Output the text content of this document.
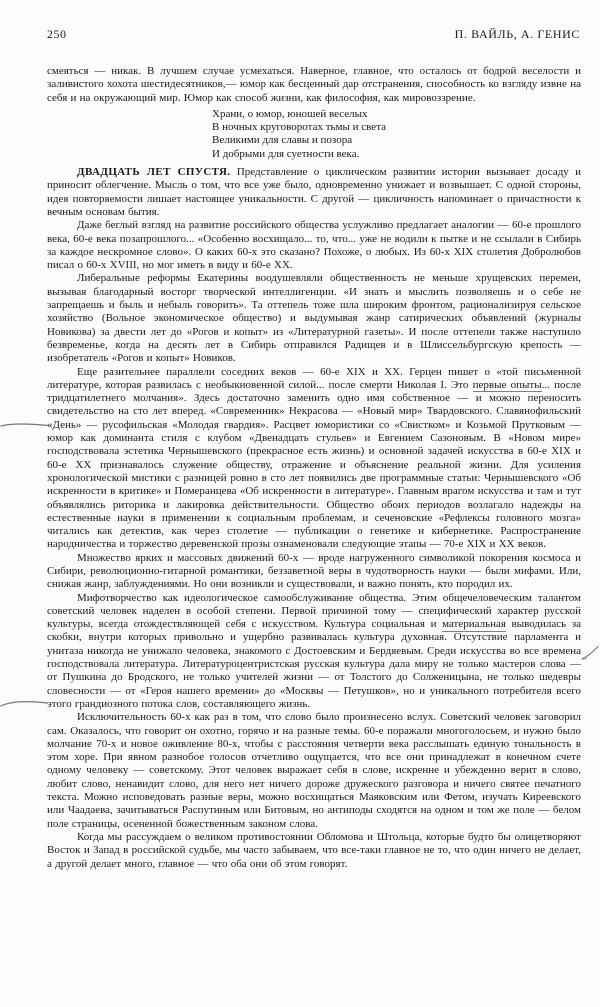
250	П. ВАЙЛЬ, А. ГЕНИС

смеяться — никак. В лучшем случае усмехаться. Наверное, главное, что осталось от бодрой веселости и заливистого хохота шестидесятников,— юмор как бесценный дар отстранения, способность ко взгляду извне на себя и на окружающий мир. Юмор как способ жизни, как философия, как мировоззрение.

Храни, о юмор, юношей веселых
В ночных круговоротах тьмы и света
Великими для славы и позора
И добрыми для суетности века.

ДВАДЦАТЬ ЛЕТ СПУСТЯ. Представление о циклическом развитии истории вызывает досаду и приносит облегчение. Мысль о том, что все уже было, одновременно унижает и возвышает. С одной стороны, идея повторяемости лишает настоящее уникальности. С другой — цикличность напоминает о причастности к вечным основам бытия.

Даже беглый взгляд на развитие российского общества услужливо предлагает аналогии — 60-е прошлого века, 60-е века позапрошлого... «Особенно восхищало... то, что... уже не водили к пытке и не ссылали в Сибирь за каждое нескромное слово». О каких 60-х это сказано? Похоже, о любых. Из 60-х XIX столетия Добролюбов писал о 60-х XVIII, но мог иметь в виду и 60-е XX.

Либеральные реформы Екатерины воодушевляли общественность не меньше хрущевских перемен, вызывая благодарный восторг творческой интеллигенции. «И знать и мыслить позволяешь и о себе не запрещаешь и быль и небыль говорить». Та оттепель тоже шла широким фронтом, рационализируя сельское хозяйство (Вольное экономическое общество) и выдумывая жанр сатирических объявлений (журналы Новикова) за двести лет до «Рогов и копыт» из «Литературной газеты». И после оттепели также наступило безвременье, когда на десять лет в Сибирь отправился Радищев и в Шлиссельбургскую крепость — изобретатель «Рогов и копыт» Новиков.

Еще разительнее параллели соседних веков — 60-е XIX и XX. Герцен пишет о «той письменной литературе, которая развилась с необыкновенной силой... после смерти Николая I. Это первые опыты... после тридцатилетнего молчания». Здесь достаточно заменить одно имя собственное — и можно переносить свидетельство на сто лет вперед. «Современник» Некрасова — «Новый мир» Твардовского. Славянофильский «День» — русофильская «Молодая гвардия». Расцвет юмористики со «Свистком» и Козьмой Прутковым — юмор как доминанта стиля с клубом «Двенадцать стульев» и Евгением Сазоновым. В «Новом мире» господствовала эстетика Чернышевского (прекрасное есть жизнь) и основной задачей искусства в 60-е XIX и 60-е XX признавалось служение обществу, отражение и объяснение реальной жизни. Для усиления хронологической мистики с разницей ровно в сто лет появились две программные статьи: Чернышевского «Об искренности в критике» и Померанцева «Об искренности в литературе». Главным врагом искусства и там и тут объявлялись риторика и лакировка действительности. Общество обоих периодов возлагало надежды на естественные науки в применении к социальным проблемам, и сеченовские «Рефлексы головного мозга» читались как детектив, как через столетие — публикации о генетике и кибернетике. Распространение народничества и торжество деревенской прозы ознаменовали следующие этапы — 70-е XIX и XX веков.

Множество ярких и массовых движений 60-х — вроде нагруженного символикой покорения космоса и Сибири, революционно-гитарной романтики, беззаветной веры в чудотворность науки — были мифами. Или, снижая жанр, заблуждениями. Но они возникли и существовали, и важно понять, кто породил их.

Мифотворчество как идеологическое самообслуживание общества. Этим общечеловеческим талантом советский человек наделен в особой степени. Первой причиной тому — специфический характер русской культуры, всегда отождествляющей себя с искусством. Культура социальная и материальная выводилась за скобки, внутри которых привольно и ущербно развивалась культура духовная. Отсутствие парламента и унитаза никогда не унижало человека, знакомого с Достоевским и Бердяевым. Среди искусства во все времена господствовала литература. Литературоцентристская русская культура дала миру не только мастеров слова — от Пушкина до Бродского, не только учителей жизни — от Толстого до Солженицына, не только шедевры словесности — от «Героя нашего времени» до «Москвы — Петушков», но и уникального потребителя всего этого грандиозного потока слов, составляющего жизнь.

Исключительность 60-х как раз в том, что слово было произнесено вслух. Советский человек заговорил сам. Оказалось, что говорит он охотно, горячо и на разные темы. 60-е поражали многоголосьем, и нужно было молчание 70-х и новое оживление 80-х, чтобы с расстояния четверти века расслышать единую тональность в этом хоре. При явном разнобое голосов отчетливо ощущается, что все они принадлежат в конечном счете одному человеку — советскому. Этот человек выражает себя в слове, искренне и убежденно верит в слово, любит слово, ненавидит слово, для него нет ничего дороже дружеского разговора и ничего святее печатного текста. Можно исповедовать разные веры, можно восхищаться Маяковским или Фетом, изучать Киреевского или Чаадаева, зачитываться Распутиным или Битовым, но антиподы сходятся на одном и том же поле — белом поле страницы, осененной божественным законом слова.

Когда мы рассуждаем о великом противостоянии Обломова и Штольца, которые будто бы олицетворяют Восток и Запад в российской судьбе, мы часто забываем, что все-таки главное не то, что один ничего не делает, а другой делает много, главное — что оба они об этом говорят.
